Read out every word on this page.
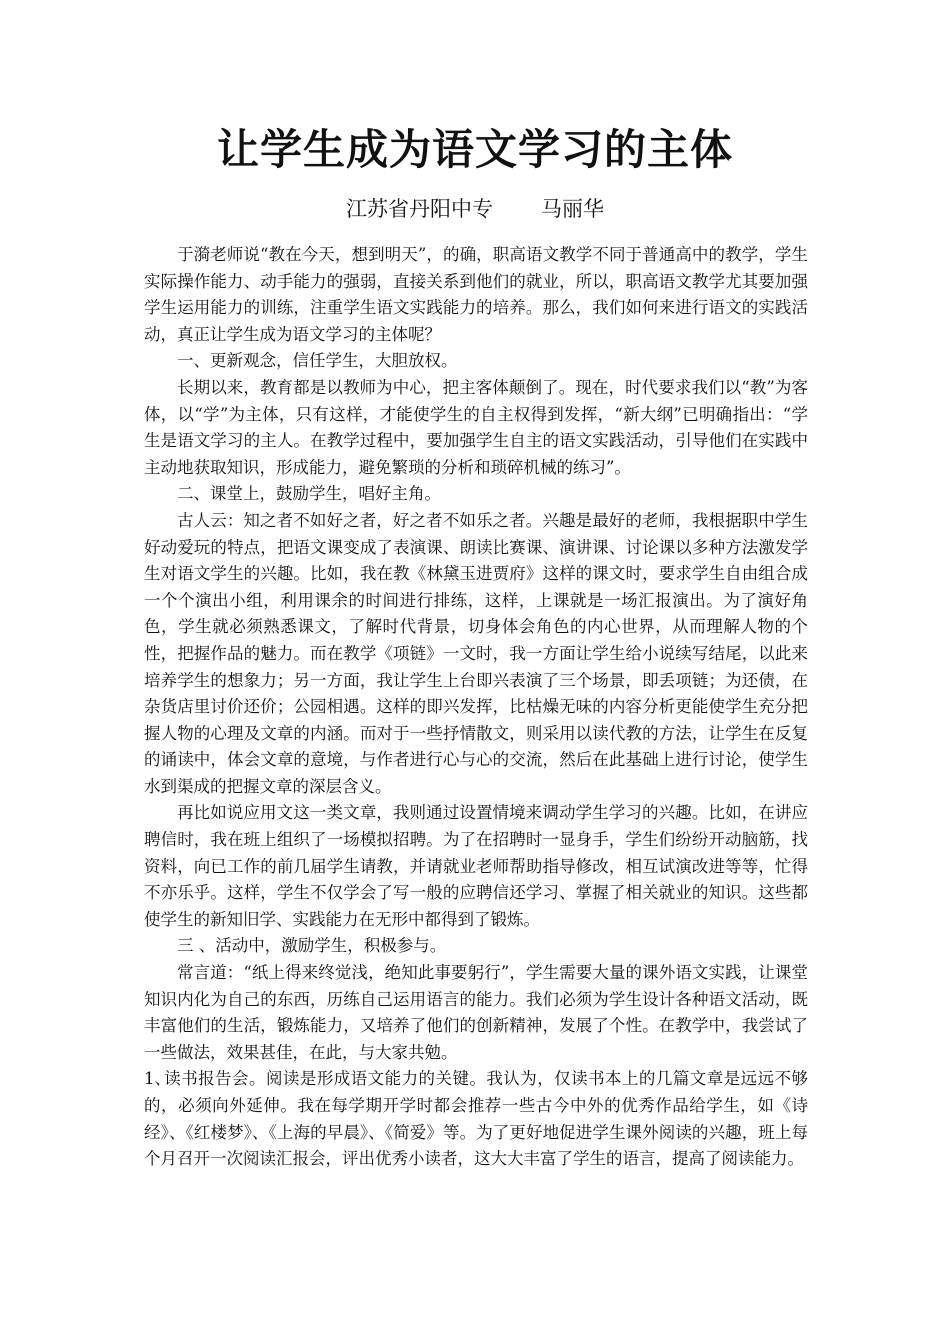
让学生成为语文学习的主体

江苏省丹阳中专 马丽华

于漪老师说“教在今天，想到明天”，的确，职高语文教学不同于普通高中的教学，学生实际操作能力、动手能力的强弱，直接关系到他们的就业，所以，职高语文教学尤其要加强学生运用能力的训练，注重学生语文实践能力的培养。那么，我们如何来进行语文的实践活动，真正让学生成为语文学习的主体呢？

一、更新观念，信任学生，大胆放权。

长期以来，教育都是以教师为中心，把主客体颠倒了。现在，时代要求我们以“教”为客体，以“学”为主体，只有这样，才能使学生的自主权得到发挥，“新大纲”已明确指出：“学生是语文学习的主人。在教学过程中，要加强学生自主的语文实践活动，引导他们在实践中主动地获取知识，形成能力，避免繁琐的分析和琐碎机械的练习”。

二、课堂上，鼓励学生，唱好主角。

古人云：知之者不如好之者，好之者不如乐之者。兴趣是最好的老师，我根据职中学生好动爱玩的特点，把语文课变成了表演课、朗读比赛课、演讲课、讨论课以多种方法激发学生对语文学生的兴趣。比如，我在教《林黛玉进贾府》这样的课文时，要求学生自由组合成一个个演出小组，利用课余的时间进行排练，这样，上课就是一场汇报演出。为了演好角色，学生就必须熟悉课文，了解时代背景，切身体会角色的内心世界，从而理解人物的个性，把握作品的魅力。而在教学《项链》一文时，我一方面让学生给小说续写结尾，以此来培养学生的想象力；另一方面，我让学生上台即兴表演了三个场景，即丢项链；为还债，在杂货店里讨价还价；公园相遇。这样的即兴发挥，比枯燥无味的内容分析更能使学生充分把握人物的心理及文章的内涵。而对于一些抒情散文，则采用以读代教的方法，让学生在反复的诵读中，体会文章的意境，与作者进行心与心的交流，然后在此基础上进行讨论，使学生水到渠成的把握文章的深层含义。

再比如说应用文这一类文章，我则通过设置情境来调动学生学习的兴趣。比如，在讲应聘信时，我在班上组织了一场模拟招聘。为了在招聘时一显身手，学生们纷纷开动脑筋，找资料，向已工作的前几届学生请教，并请就业老师帮助指导修改，相互试演改进等等，忙得不亦乐乎。这样，学生不仅学会了写一般的应聘信还学习、掌握了相关就业的知识。这些都使学生的新知旧学、实践能力在无形中都得到了锻炼。

三 、活动中，激励学生，积极参与。

常言道：“纸上得来终觉浅，绝知此事要躬行”，学生需要大量的课外语文实践，让课堂知识内化为自己的东西，历练自己运用语言的能力。我们必须为学生设计各种语文活动，既丰富他们的生活，锻炼能力，又培养了他们的创新精神，发展了个性。在教学中，我尝试了一些做法，效果甚佳，在此，与大家共勉。

1、读书报告会。阅读是形成语文能力的关键。我认为，仅读书本上的几篇文章是远远不够的，必须向外延伸。我在每学期开学时都会推荐一些古今中外的优秀作品给学生，如《诗经》、《红楼梦》、《上海的早晨》、《简爱》等。为了更好地促进学生课外阅读的兴趣，班上每个月召开一次阅读汇报会，评出优秀小读者，这大大丰富了学生的语言，提高了阅读能力。
